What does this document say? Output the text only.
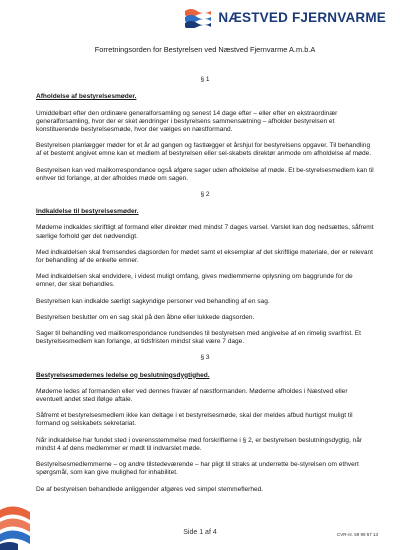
NÆSTVED FJERNVARME
Forretningsorden for Bestyrelsen ved Næstved Fjernvarme A.m.b.A
§ 1
Afholdelse af bestyrelsesmøder.

Umiddelbart efter den ordinære generalforsamling og senest 14 dage efter – eller efter en ekstraordinær generalforsamling, hvor der er sket ændringer i bestyrelsens sammensætning – afholder bestyrelsen et konstituerende bestyrelsesmøde, hvor der vælges en næstformand.

Bestyrelsen planlægger møder for et år ad gangen og fastlægger et årshjul for bestyrelsens opgaver. Til behandling af et bestemt angivet emne kan et medlem af bestyrelsen eller sel-skabets direktør anmode om afholdelse af møde.

Bestyrelsen kan ved mailkorrespondance også afgøre sager uden afholdelse af møde. Et be-styrelsesmedlem kan til enhver tid forlange, at der afholdes møde om sagen.

§ 2
Indkaldelse til bestyrelsesmøder.

Møderne indkaldes skriftligt af formand eller direktør med mindst 7 dages varsel. Varslet kan dog nedsættes, såfremt særlige forhold gør det nødvendigt.

Med indkaldelsen skal fremsendes dagsorden for mødet samt et eksemplar af det skriftlige materiale, der er relevant for behandling af de enkelte emner.

Med indkaldelsen skal endvidere, i videst muligt omfang, gives medlemmerne oplysning om baggrunde for de emner, der skal behandles.

Bestyrelsen kan indkalde særligt sagkyndige personer ved behandling af en sag.

Bestyrelsen beslutter om en sag skal på den åbne eller lukkede dagsorden.

Sager til behandling ved mailkorrespondance rundsendes til bestyrelsen med angivelse af en rimelig svarfrist. Et bestyrelsesmedlem kan forlange, at tidsfristen mindst skal være 7 dage.

§ 3
Bestyrelsesmødernes ledelse og beslutningsdygtighed.

Møderne ledes af formanden eller ved dennes fravær af næstformanden. Møderne afholdes i Næstved eller eventuelt andet sted ifølge aftale.

Såfremt et bestyrelsesmedlem ikke kan deltage i et bestyrelsesmøde, skal der meldes afbud hurtigst muligt til formand og selskabets sekretariat.

Når indkaldelse har fundet sted i overensstemmelse med forskrifterne i § 2, er bestyrelsen beslutningsdygtig, når mindst 4 af dens medlemmer er mødt til indvarslet møde.

Bestyrelsesmedlemmerne – og andre tilstedeværende – har pligt til straks at underrette be-styrelsen om ethvert spørgsmål, som kan give mulighed for inhabilitet.

De af bestyrelsen behandlede anliggender afgøres ved simpel stemmeflerhed.

Side 1 af 4	CVR-nr. 69 99 57 13
